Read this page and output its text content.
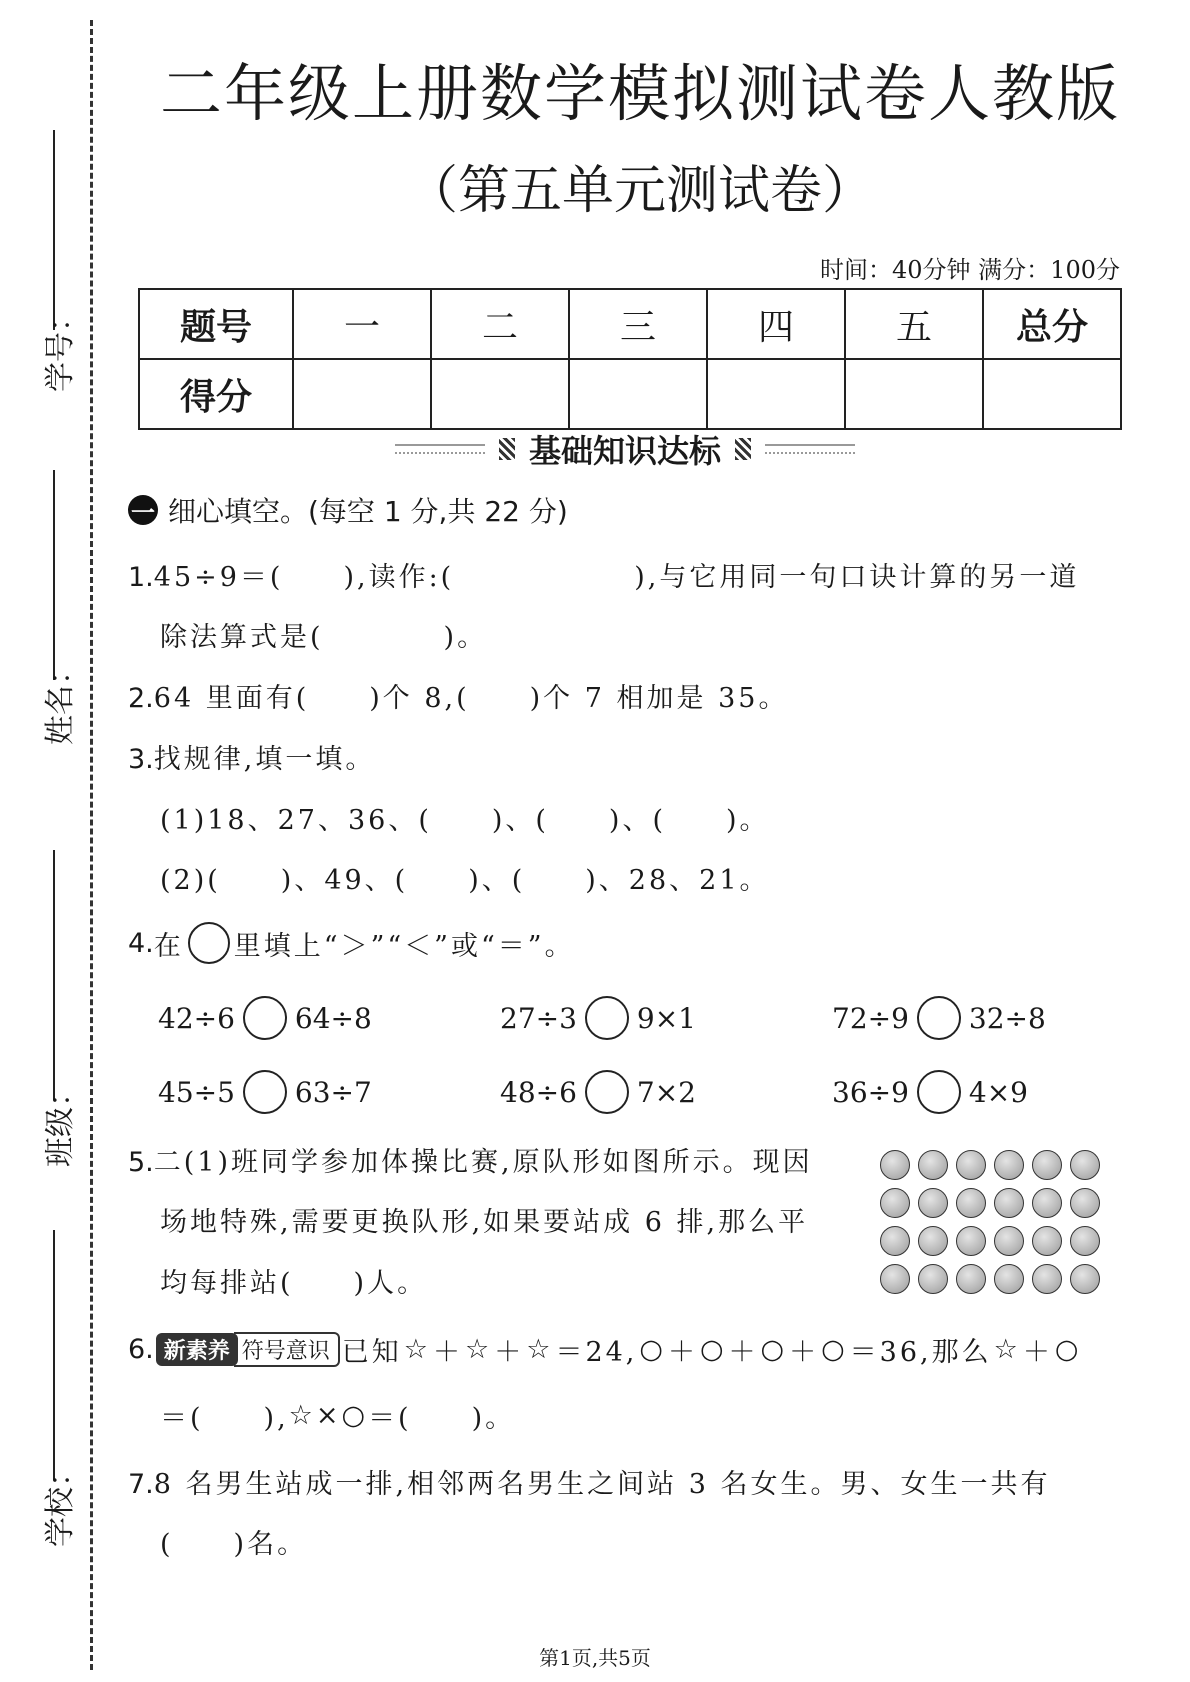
学号：
姓名：
班级：
学校：
二年级上册数学模拟测试卷人教版
（第五单元测试卷）
时间：40分钟 满分：100分
题号	一	二	三	四	五	总分
得分						
基础知识达标
一 细心填空。(每空 1 分,共 22 分)
1.45÷9＝(　　),读作:(　　　　　　),与它用同一句口诀计算的另一道
除法算式是(　　　　)。
2.64 里面有(　　)个 8,(　　)个 7 相加是 35。
3.找规律,填一填。
(1)18、27、36、(　　)、(　　)、(　　)。
(2)(　　)、49、(　　)、(　　)、28、21。
4. 在 里填上“＞”“＜”或“＝”。
42÷6 64÷8	27÷3 9×1	72÷9 32÷8
45÷5 63÷7	48÷6 7×2	36÷9 4×9
5.二(1)班同学参加体操比赛,原队形如图所示。现因
场地特殊,需要更换队形,如果要站成 6 排,那么平
均每排站(　　)人。
6. 新素养 符号意识 已知 ☆ ＋ ☆ ＋ ☆ ＝24, ○ ＋ ○ ＋ ○ ＋ ○ ＝36,那么 ☆ ＋ ○
＝(　　), ☆ × ○ ＝(　　)。
7.8 名男生站成一排,相邻两名男生之间站 3 名女生。男、女生一共有
(　　)名。
第1页,共5页
